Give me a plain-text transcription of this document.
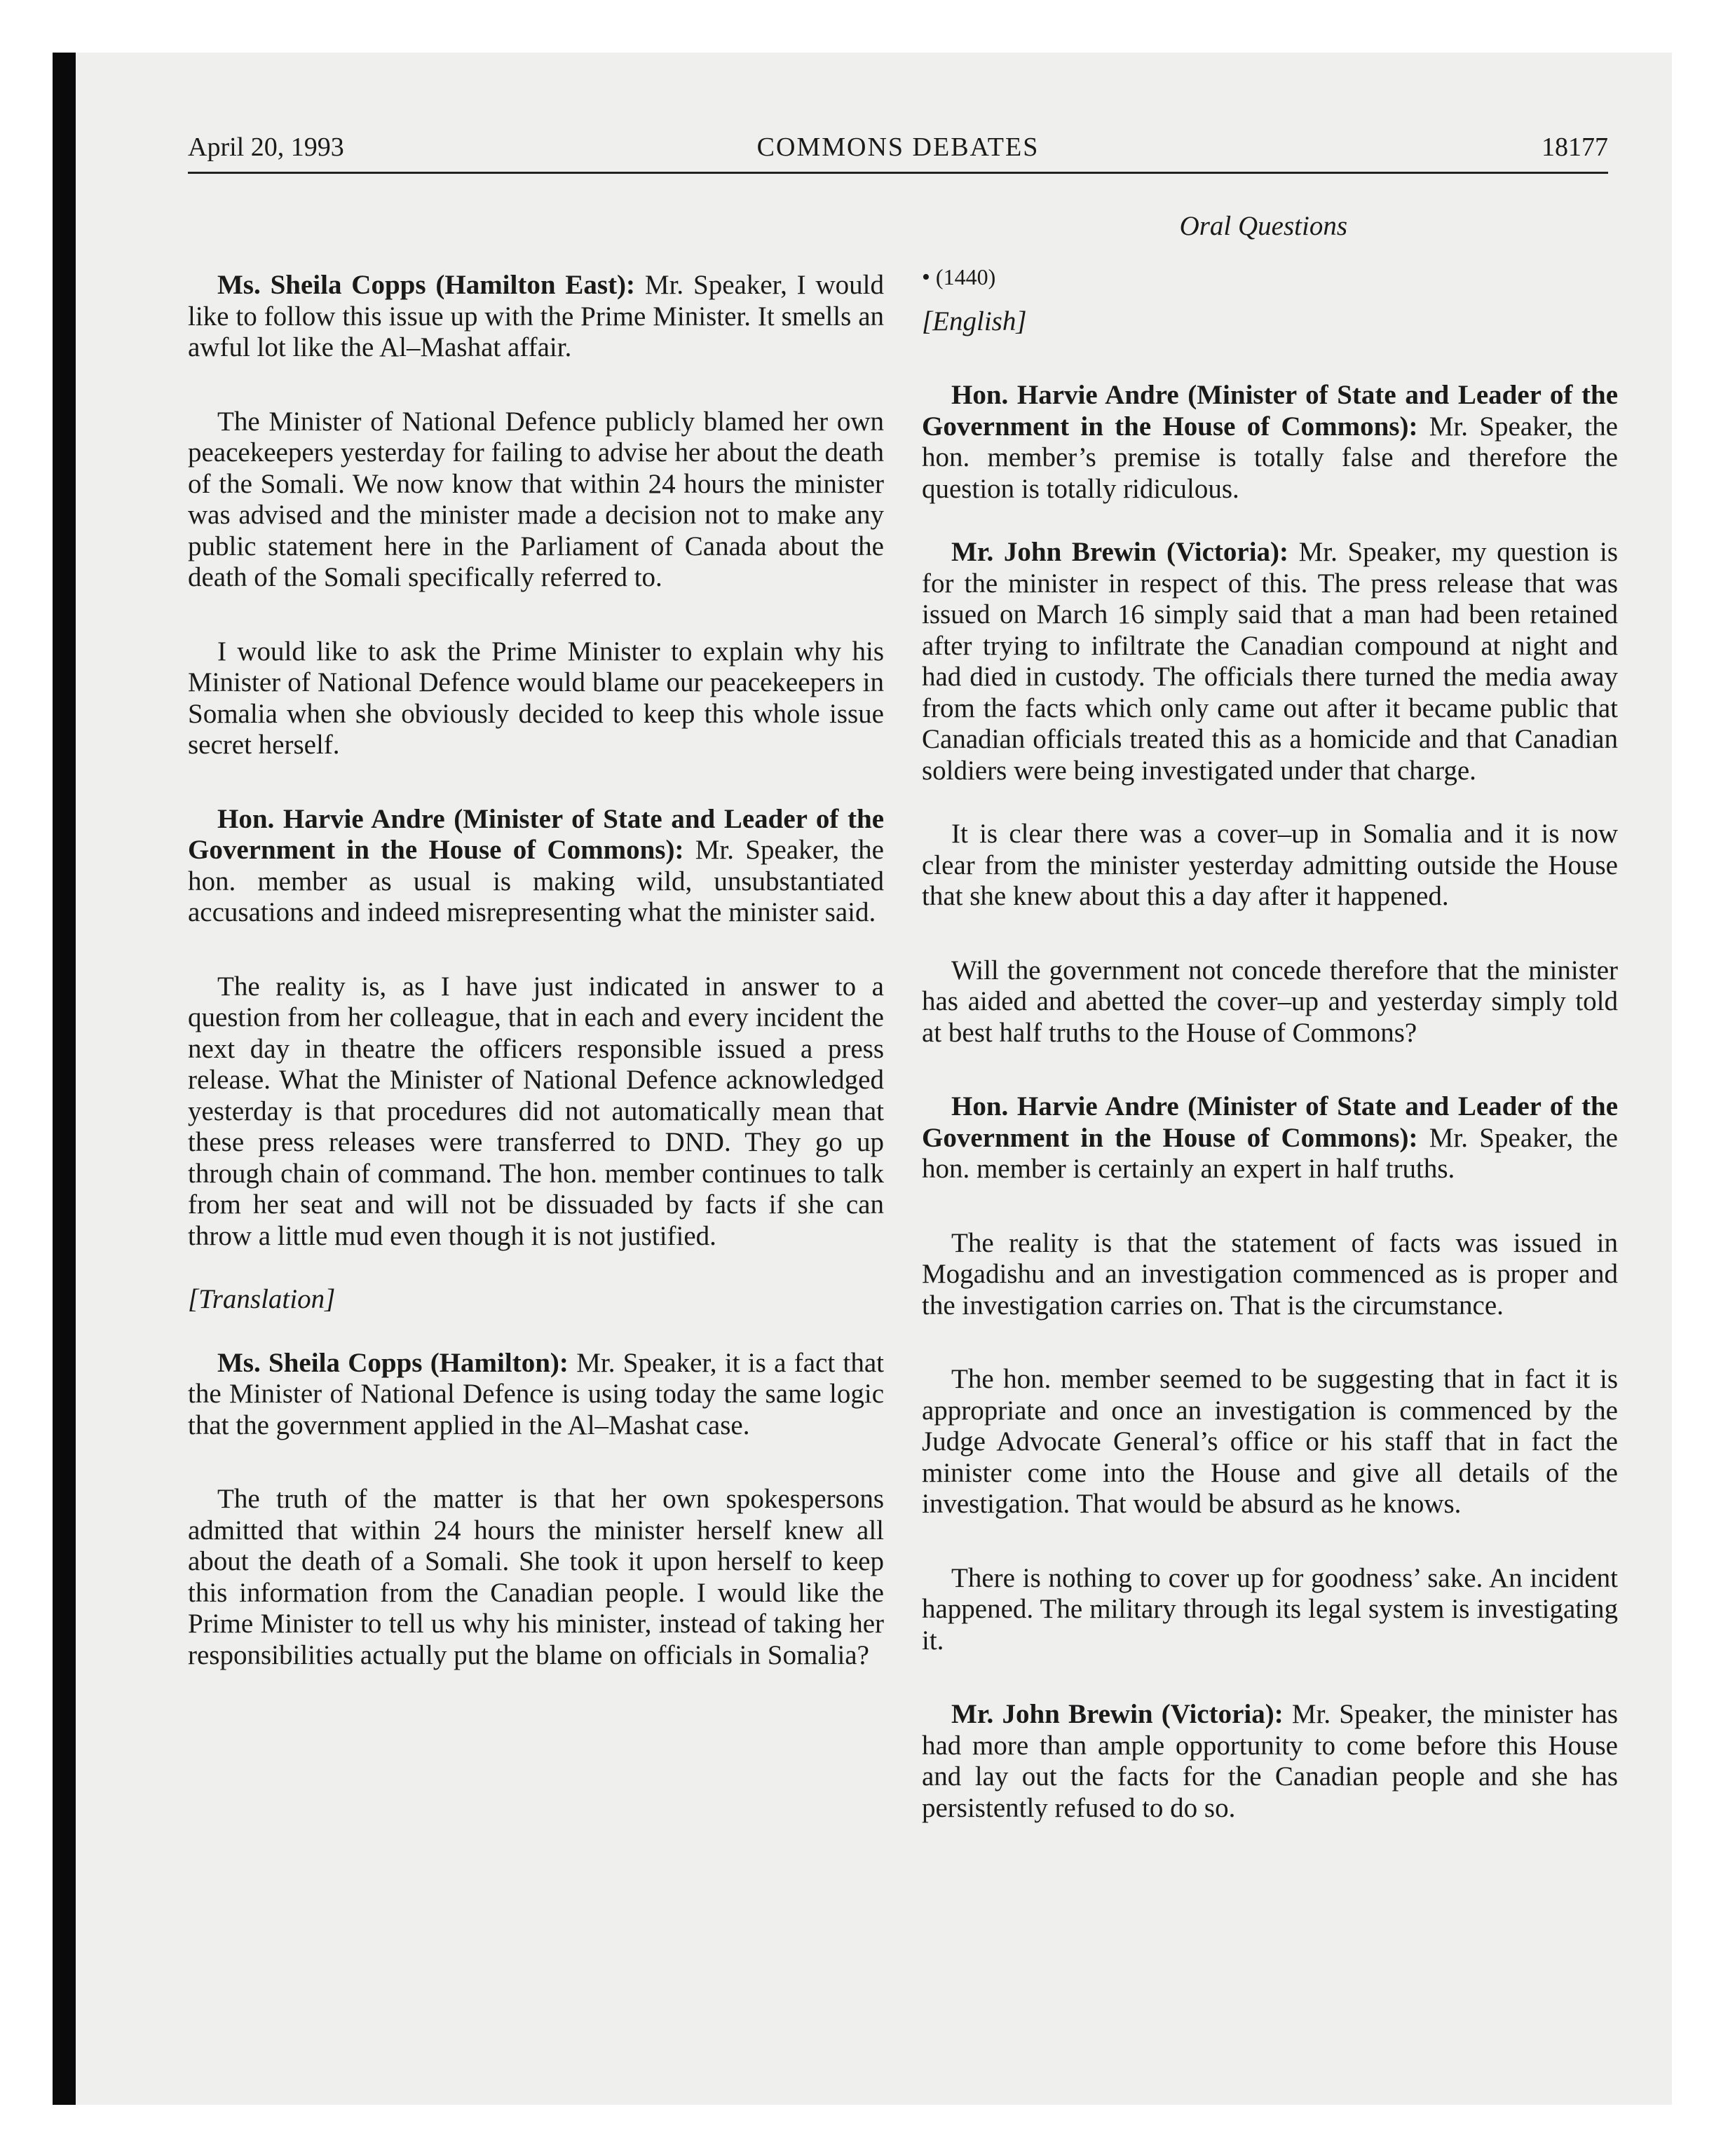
April 20, 1993	COMMONS DEBATES	18177
Oral Questions

Ms. Sheila Copps (Hamilton East): Mr. Speaker, I would like to follow this issue up with the Prime Minister. It smells an awful lot like the Al–Mashat affair.

The Minister of National Defence publicly blamed her own peacekeepers yesterday for failing to advise her about the death of the Somali. We now know that within 24 hours the minister was advised and the minister made a decision not to make any public statement here in the Parliament of Canada about the death of the Somali specifically referred to.

I would like to ask the Prime Minister to explain why his Minister of National Defence would blame our peacekeepers in Somalia when she obviously decided to keep this whole issue secret herself.

Hon. Harvie Andre (Minister of State and Leader of the Government in the House of Commons): Mr. Speaker, the hon. member as usual is making wild, unsubstantiated accusations and indeed misrepresenting what the minister said.

The reality is, as I have just indicated in answer to a question from her colleague, that in each and every incident the next day in theatre the officers responsible issued a press release. What the Minister of National Defence acknowledged yesterday is that procedures did not automatically mean that these press releases were transferred to DND. They go up through chain of command. The hon. member continues to talk from her seat and will not be dissuaded by facts if she can throw a little mud even though it is not justified.

[Translation]

Ms. Sheila Copps (Hamilton): Mr. Speaker, it is a fact that the Minister of National Defence is using today the same logic that the government applied in the Al–Mashat case.

The truth of the matter is that her own spokespersons admitted that within 24 hours the minister herself knew all about the death of a Somali. She took it upon herself to keep this information from the Canadian people. I would like the Prime Minister to tell us why his minister, instead of taking her responsibilities actually put the blame on officials in Somalia?

• (1440)

[English]

Hon. Harvie Andre (Minister of State and Leader of the Government in the House of Commons): Mr. Speaker, the hon. member’s premise is totally false and therefore the question is totally ridiculous.

Mr. John Brewin (Victoria): Mr. Speaker, my question is for the minister in respect of this. The press release that was issued on March 16 simply said that a man had been retained after trying to infiltrate the Canadian compound at night and had died in custody. The officials there turned the media away from the facts which only came out after it became public that Canadian officials treated this as a homicide and that Canadian soldiers were being investigated under that charge.

It is clear there was a cover–up in Somalia and it is now clear from the minister yesterday admitting outside the House that she knew about this a day after it happened.

Will the government not concede therefore that the minister has aided and abetted the cover–up and yesterday simply told at best half truths to the House of Commons?

Hon. Harvie Andre (Minister of State and Leader of the Government in the House of Commons): Mr. Speaker, the hon. member is certainly an expert in half truths.

The reality is that the statement of facts was issued in Mogadishu and an investigation commenced as is proper and the investigation carries on. That is the circumstance.

The hon. member seemed to be suggesting that in fact it is appropriate and once an investigation is commenced by the Judge Advocate General’s office or his staff that in fact the minister come into the House and give all details of the investigation. That would be absurd as he knows.

There is nothing to cover up for goodness’ sake. An incident happened. The military through its legal system is investigating it.

Mr. John Brewin (Victoria): Mr. Speaker, the minister has had more than ample opportunity to come before this House and lay out the facts for the Canadian people and she has persistently refused to do so.
